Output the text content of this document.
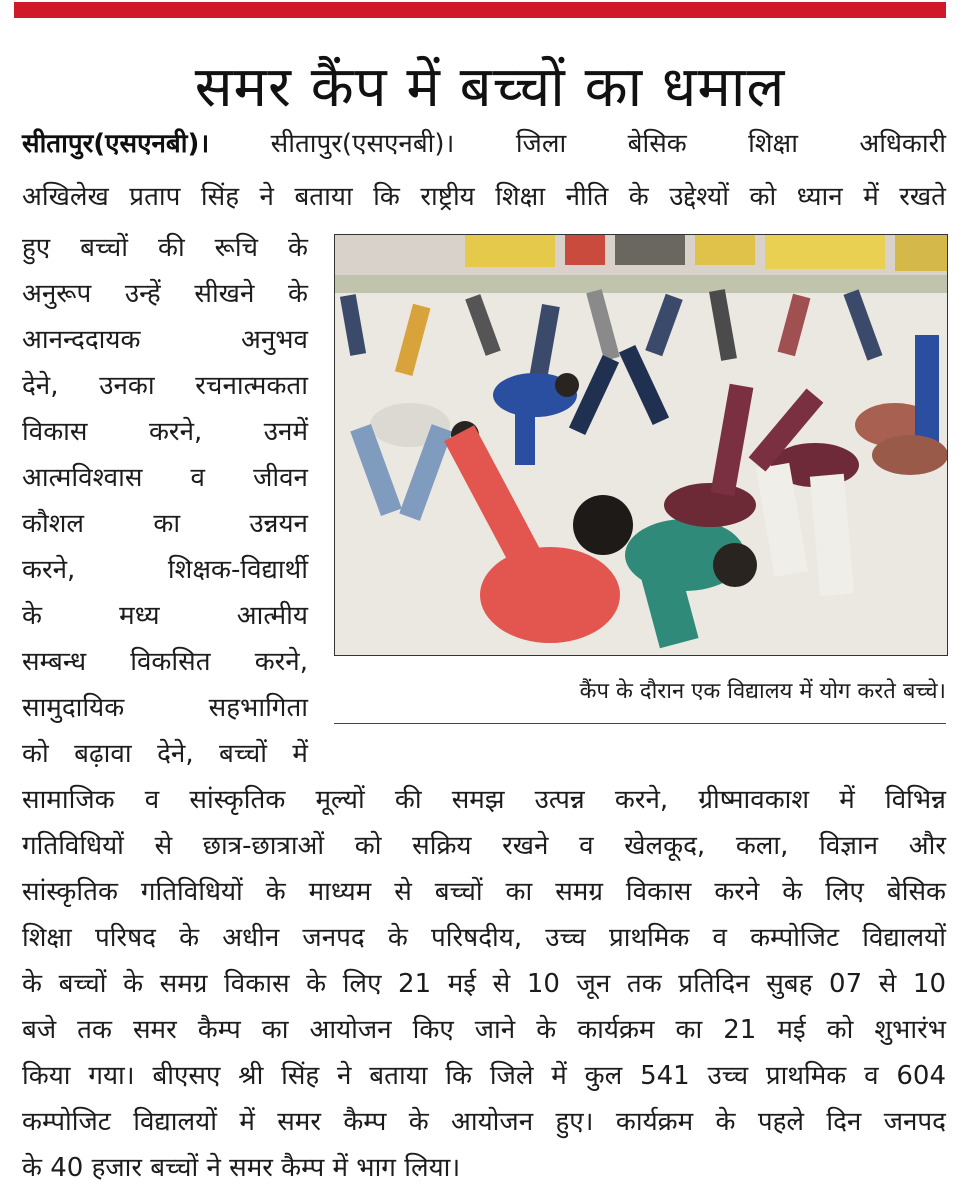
समर कैंप में बच्चों का धमाल
सीतापुर(एसएनबी)। सीतापुर(एसएनबी)। जिला बेसिक शिक्षा अधिकारी
अखिलेख प्रताप सिंह ने बताया कि राष्ट्रीय शिक्षा नीति के उद्देश्यों को ध्यान में रखते
हुए बच्चों की रूचि के
अनुरूप उन्हें सीखने के
आनन्ददायक अनुभव
देने, उनका रचनात्मकता
विकास करने, उनमें
आत्मविश्वास व जीवन
कौशल का उन्नयन
करने, शिक्षक-विद्यार्थी
के मध्य आत्मीय
सम्बन्ध विकसित करने,
सामुदायिक सहभागिता
को बढ़ावा देने, बच्चों में
कैंप के दौरान एक विद्यालय में योग करते बच्चे।
सामाजिक व सांस्कृतिक मूल्यों की समझ उत्पन्न करने, ग्रीष्मावकाश में विभिन्न
गतिविधियों से छात्र-छात्राओं को सक्रिय रखने व खेलकूद, कला, विज्ञान और
सांस्कृतिक गतिविधियों के माध्यम से बच्चों का समग्र विकास करने के लिए बेसिक
शिक्षा परिषद के अधीन जनपद के परिषदीय, उच्च प्राथमिक व कम्पोजिट विद्यालयों
के बच्चों के समग्र विकास के लिए 21 मई से 10 जून तक प्रतिदिन सुबह 07 से 10
बजे तक समर कैम्प का आयोजन किए जाने के कार्यक्रम का 21 मई को शुभारंभ
किया गया। बीएसए श्री सिंह ने बताया कि जिले में कुल 541 उच्च प्राथमिक व 604
कम्पोजिट विद्यालयों में समर कैम्प के आयोजन हुए। कार्यक्रम के पहले दिन जनपद
के 40 हजार बच्चों ने समर कैम्प में भाग लिया।
